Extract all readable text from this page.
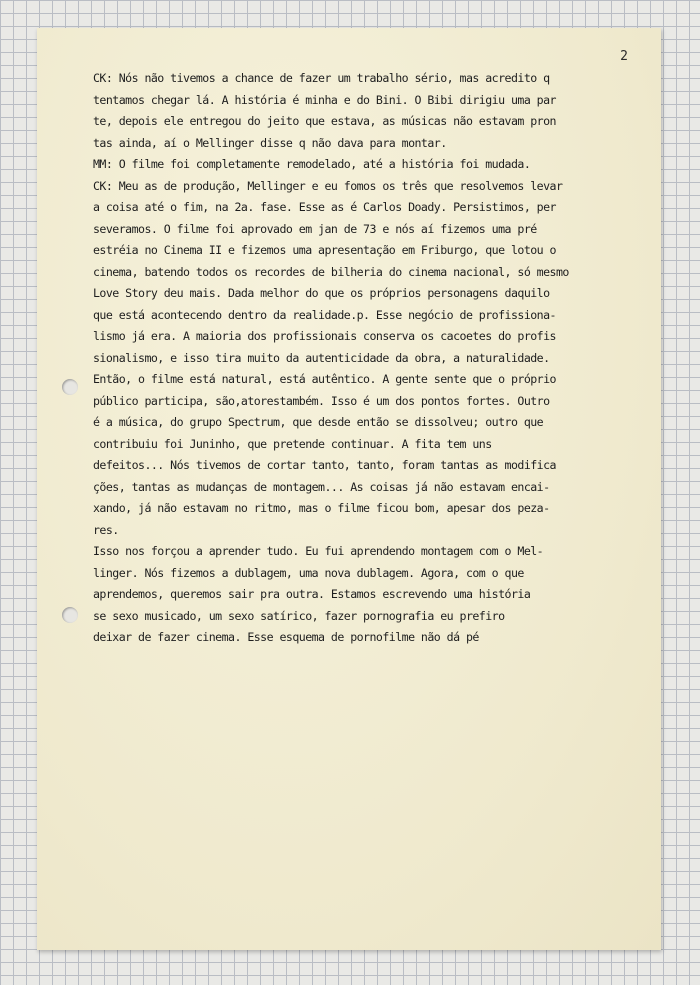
2
CK: Nós não tivemos a chance de fazer um trabalho sério, mas acredito q
tentamos chegar lá. A história é minha e do Bini. O Bibi dirigiu uma par
te, depois ele entregou do jeito que estava, as músicas não estavam pron
tas ainda, aí o Mellinger disse q não dava para montar.
MM: O filme foi completamente remodelado, até a história foi mudada.
CK: Meu as de produção, Mellinger e eu fomos os três que resolvemos levar
a coisa até o fim, na 2a. fase. Esse as é Carlos Doady. Persistimos, per
severamos. O filme foi aprovado em jan de 73 e nós aí fizemos uma pré
estréia no Cinema II e fizemos uma apresentação em Friburgo, que lotou o
cinema, batendo todos os recordes de bilheria do cinema nacional, só mesmo
Love Story deu mais. Dada melhor do que os próprios personagens daquilo
que está acontecendo dentro da realidade.p. Esse negócio de profissiona-
lismo já era. A maioria dos profissionais conserva os cacoetes do profis
sionalismo, e isso tira muito da autenticidade da obra, a naturalidade.
Então, o filme está natural, está autêntico. A gente sente que o próprio
público participa, são,atorestambém. Isso é um dos pontos fortes. Outro
é a música, do grupo Spectrum, que desde então se dissolveu; outro que
contribuiu foi Juninho, que pretende continuar. A fita tem uns
defeitos... Nós tivemos de cortar tanto, tanto, foram tantas as modifica
ções, tantas as mudanças de montagem... As coisas já não estavam encai-
xando, já não estavam no ritmo, mas o filme ficou bom, apesar dos peza-
res.
Isso nos forçou a aprender tudo. Eu fui aprendendo montagem com o Mel-
linger. Nós fizemos a dublagem, uma nova dublagem. Agora, com o que
aprendemos, queremos sair pra outra. Estamos escrevendo uma história
se sexo musicado, um sexo satírico, fazer pornografia eu prefiro
deixar de fazer cinema. Esse esquema de pornofilme não dá pé
